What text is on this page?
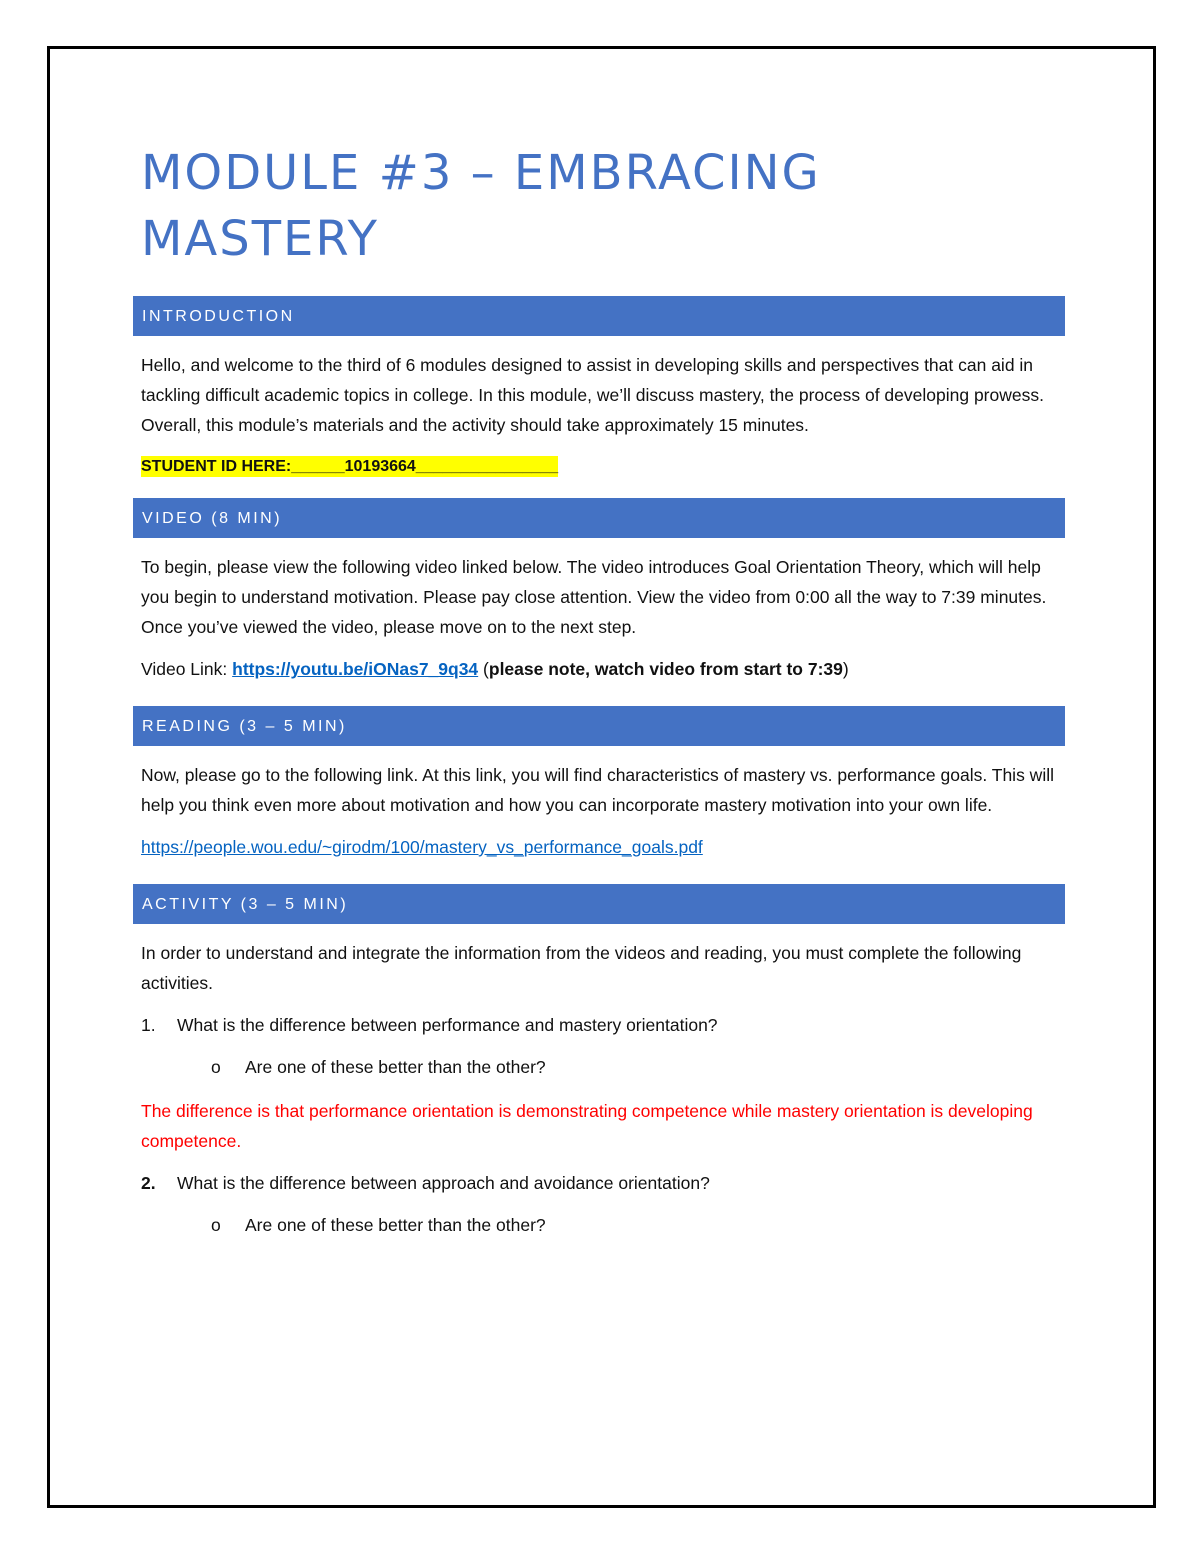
MODULE #3 – EMBRACING
MASTERY
INTRODUCTION

Hello, and welcome to the third of 6 modules designed to assist in developing skills and perspectives that can aid in tackling difficult academic topics in college. In this module, we’ll discuss mastery, the process of developing prowess. Overall, this module’s materials and the activity should take approximately 15 minutes.

STUDENT ID HERE:______10193664________________

VIDEO (8 MIN)

To begin, please view the following video linked below. The video introduces Goal Orientation Theory, which will help you begin to understand motivation. Please pay close attention. View the video from 0:00 all the way to 7:39 minutes. Once you’ve viewed the video, please move on to the next step.

Video Link: https://youtu.be/iONas7_9q34 (please note, watch video from start to 7:39)

READING (3 – 5 MIN)

Now, please go to the following link. At this link, you will find characteristics of mastery vs. performance goals. This will help you think even more about motivation and how you can incorporate mastery motivation into your own life.

https://people.wou.edu/~girodm/100/mastery_vs_performance_goals.pdf

ACTIVITY (3 – 5 MIN)

In order to understand and integrate the information from the videos and reading, you must complete the following activities.

1.	What is the difference between performance and mastery orientation?
o	Are one of these better than the other?

The difference is that performance orientation is demonstrating competence while mastery orientation is developing competence.

2.	What is the difference between approach and avoidance orientation?
o	Are one of these better than the other?
